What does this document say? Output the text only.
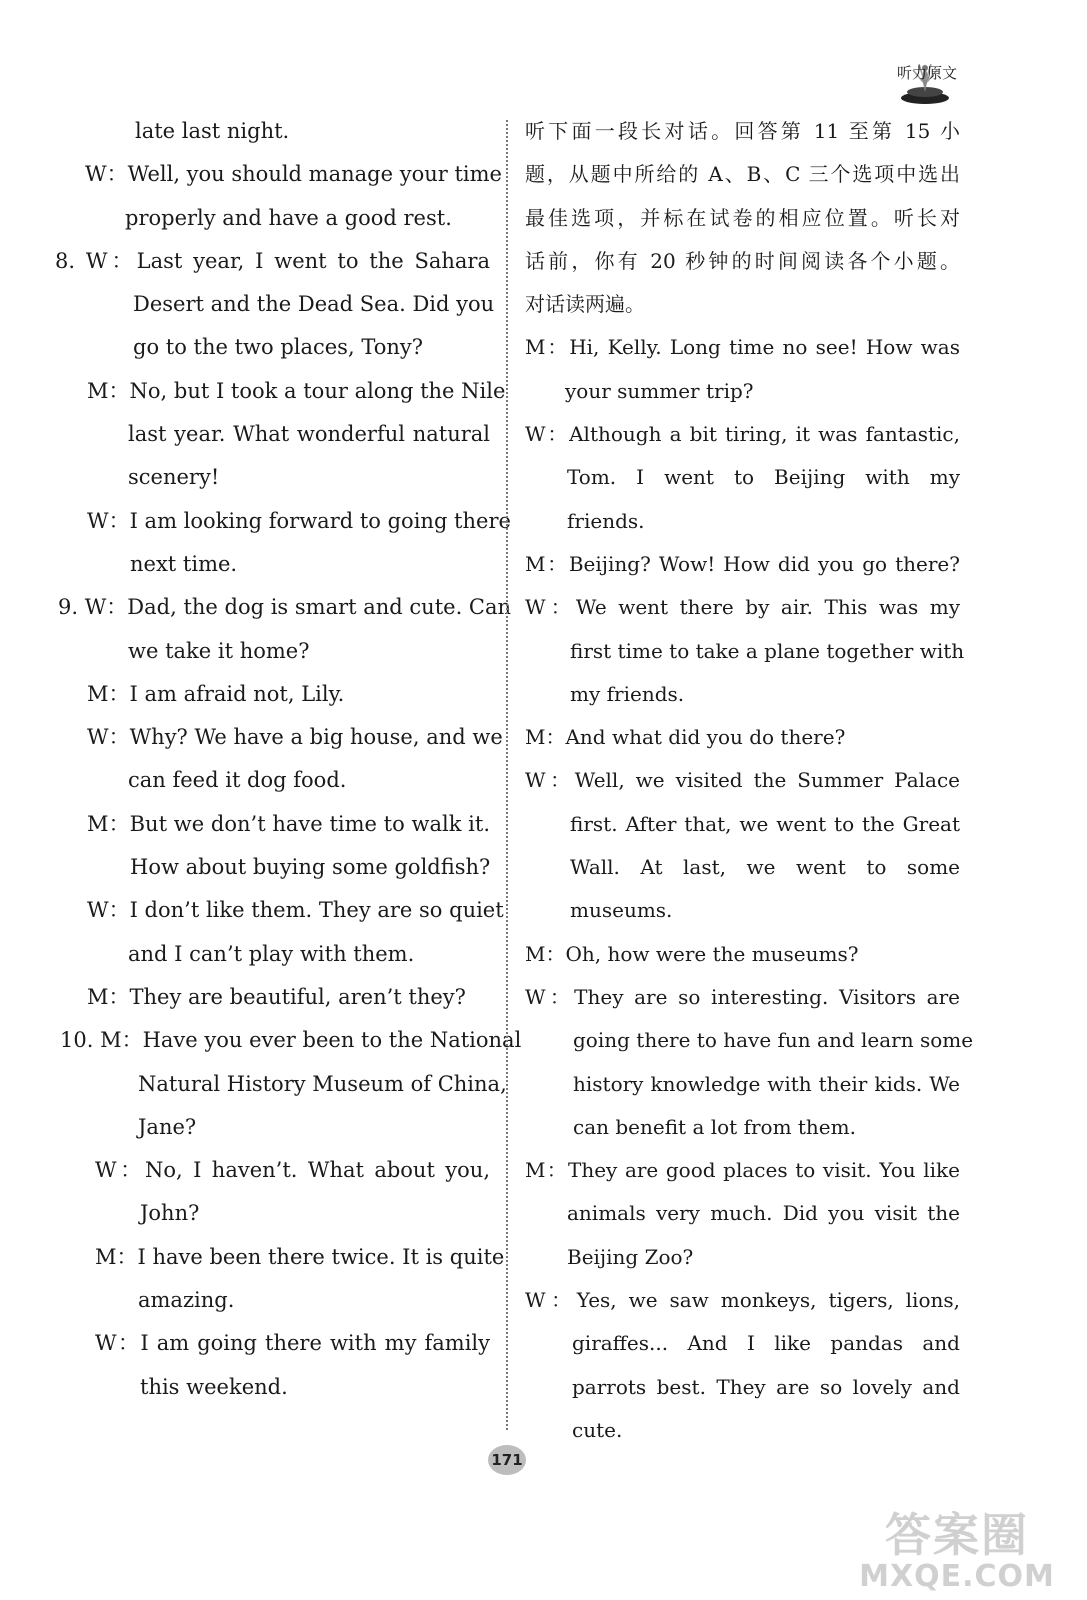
听力原文
late last night.
W：Well, you should manage your time
properly and have a good rest.
8. W：Last year, I went to the Sahara
Desert and the Dead Sea. Did you
go to the two places, Tony?
M：No, but I took a tour along the Nile
last year. What wonderful natural
scenery!
W：I am looking forward to going there
next time.
9. W：Dad, the dog is smart and cute. Can
we take it home?
M：I am afraid not, Lily.
W：Why? We have a big house, and we
can feed it dog food.
M：But we don’t have time to walk it.
How about buying some goldfish?
W：I don’t like them. They are so quiet
and I can’t play with them.
M：They are beautiful, aren’t they?
10. M：Have you ever been to the National
Natural History Museum of China,
Jane?
W：No, I haven’t. What about you,
John?
M：I have been there twice. It is quite
amazing.
W：I am going there with my family
this weekend.
听下面一段长对话。回答第 11 至第 15 小
题，从题中所给的 A、B、C 三个选项中选出
最佳选项，并标在试卷的相应位置。听长对
话前，你有 20 秒钟的时间阅读各个小题。
对话读两遍。
M：Hi, Kelly. Long time no see! How was
your summer trip?
W：Although a bit tiring, it was fantastic,
Tom. I went to Beijing with my
friends.
M：Beijing? Wow! How did you go there?
W：We went there by air. This was my
first time to take a plane together with
my friends.
M：And what did you do there?
W：Well, we visited the Summer Palace
first. After that, we went to the Great
Wall. At last, we went to some
museums.
M：Oh, how were the museums?
W：They are so interesting. Visitors are
going there to have fun and learn some
history knowledge with their kids. We
can benefit a lot from them.
M：They are good places to visit. You like
animals very much. Did you visit the
Beijing Zoo?
W：Yes, we saw monkeys, tigers, lions,
giraffes... And I like pandas and
parrots best. They are so lovely and
cute.
171
答案圈
MXQE.COM
